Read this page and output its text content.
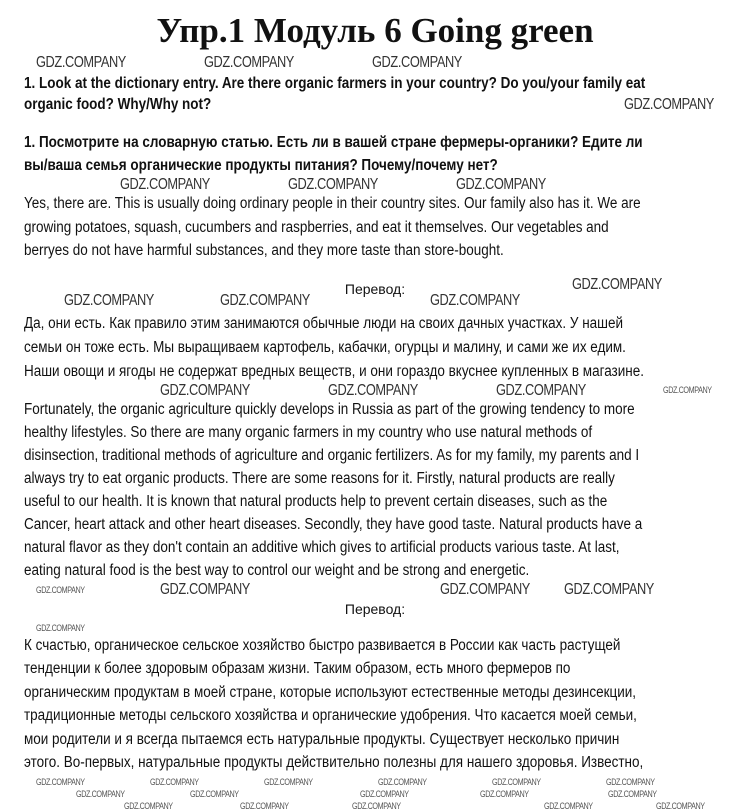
Упр.1 Модуль 6 Going green
1. Look at the dictionary entry. Are there organic farmers in your country? Do you/your family eat
organic food? Why/Why not?
1. Посмотрите на словарную статью. Есть ли в вашей стране фермеры-органики? Едите ли
вы/ваша семья органические продукты питания? Почему/почему нет?
Yes, there are. This is usually doing ordinary people in their country sites. Our family also has it. We are
growing potatoes, squash, cucumbers and raspberries, and eat it themselves. Our vegetables and
berryes do not have harmful substances, and they more taste than store-bought.
Перевод:
Да, они есть. Как правило этим занимаются обычные люди на своих дачных участках. У нашей
семьи он тоже есть. Мы выращиваем картофель, кабачки, огурцы и малину, и сами же их едим.
Наши овощи и ягоды не содержат вредных веществ, и они гораздо вкуснее купленных в магазине.
Fortunately, the organic agriculture quickly develops in Russia as part of the growing tendency to more
healthy lifestyles. So there are many organic farmers in my country who use natural methods of
disinsection, traditional methods of agriculture and organic fertilizers. As for my family, my parents and I
always try to eat organic products. There are some reasons for it. Firstly, natural products are really
useful to our health. It is known that natural products help to prevent certain diseases, such as the
Cancer, heart attack and other heart diseases. Secondly, they have good taste. Natural products have a
natural flavor as they don't contain an additive which gives to artificial products various taste. At last,
eating natural food is the best way to control our weight and be strong and energetic.
Перевод:
К счастью, органическое сельское хозяйство быстро развивается в России как часть растущей
тенденции к более здоровым образам жизни. Таким образом, есть много фермеров по
органическим продуктам в моей стране, которые используют естественные методы дезинсекции,
традиционные методы сельского хозяйства и органические удобрения. Что касается моей семьи,
мои родители и я всегда пытаемся есть натуральные продукты. Существует несколько причин
этого. Во-первых, натуральные продукты действительно полезны для нашего здоровья. Известно,
GDZ.COMPANY	GDZ.COMPANY	GDZ.COMPANY
GDZ.COMPANY
GDZ.COMPANY	GDZ.COMPANY	GDZ.COMPANY
GDZ.COMPANY
GDZ.COMPANY	GDZ.COMPANY	GDZ.COMPANY
GDZ.COMPANY
GDZ.COMPANY	GDZ.COMPANY	GDZ.COMPANY
GDZ.COMPANY	GDZ.COMPANY	GDZ.COMPANY GDZ.COMPANY
GDZ.COMPANY
GDZ.COMPANY	GDZ.COMPANY	GDZ.COMPANY	GDZ.COMPANY	GDZ.COMPANY	GDZ.COMPANY
GDZ.COMPANY	GDZ.COMPANY	GDZ.COMPANY	GDZ.COMPANY	GDZ.COMPANY
GDZ.COMPANY	GDZ.COMPANY	GDZ.COMPANY	GDZ.COMPANY	GDZ.COMPANY
